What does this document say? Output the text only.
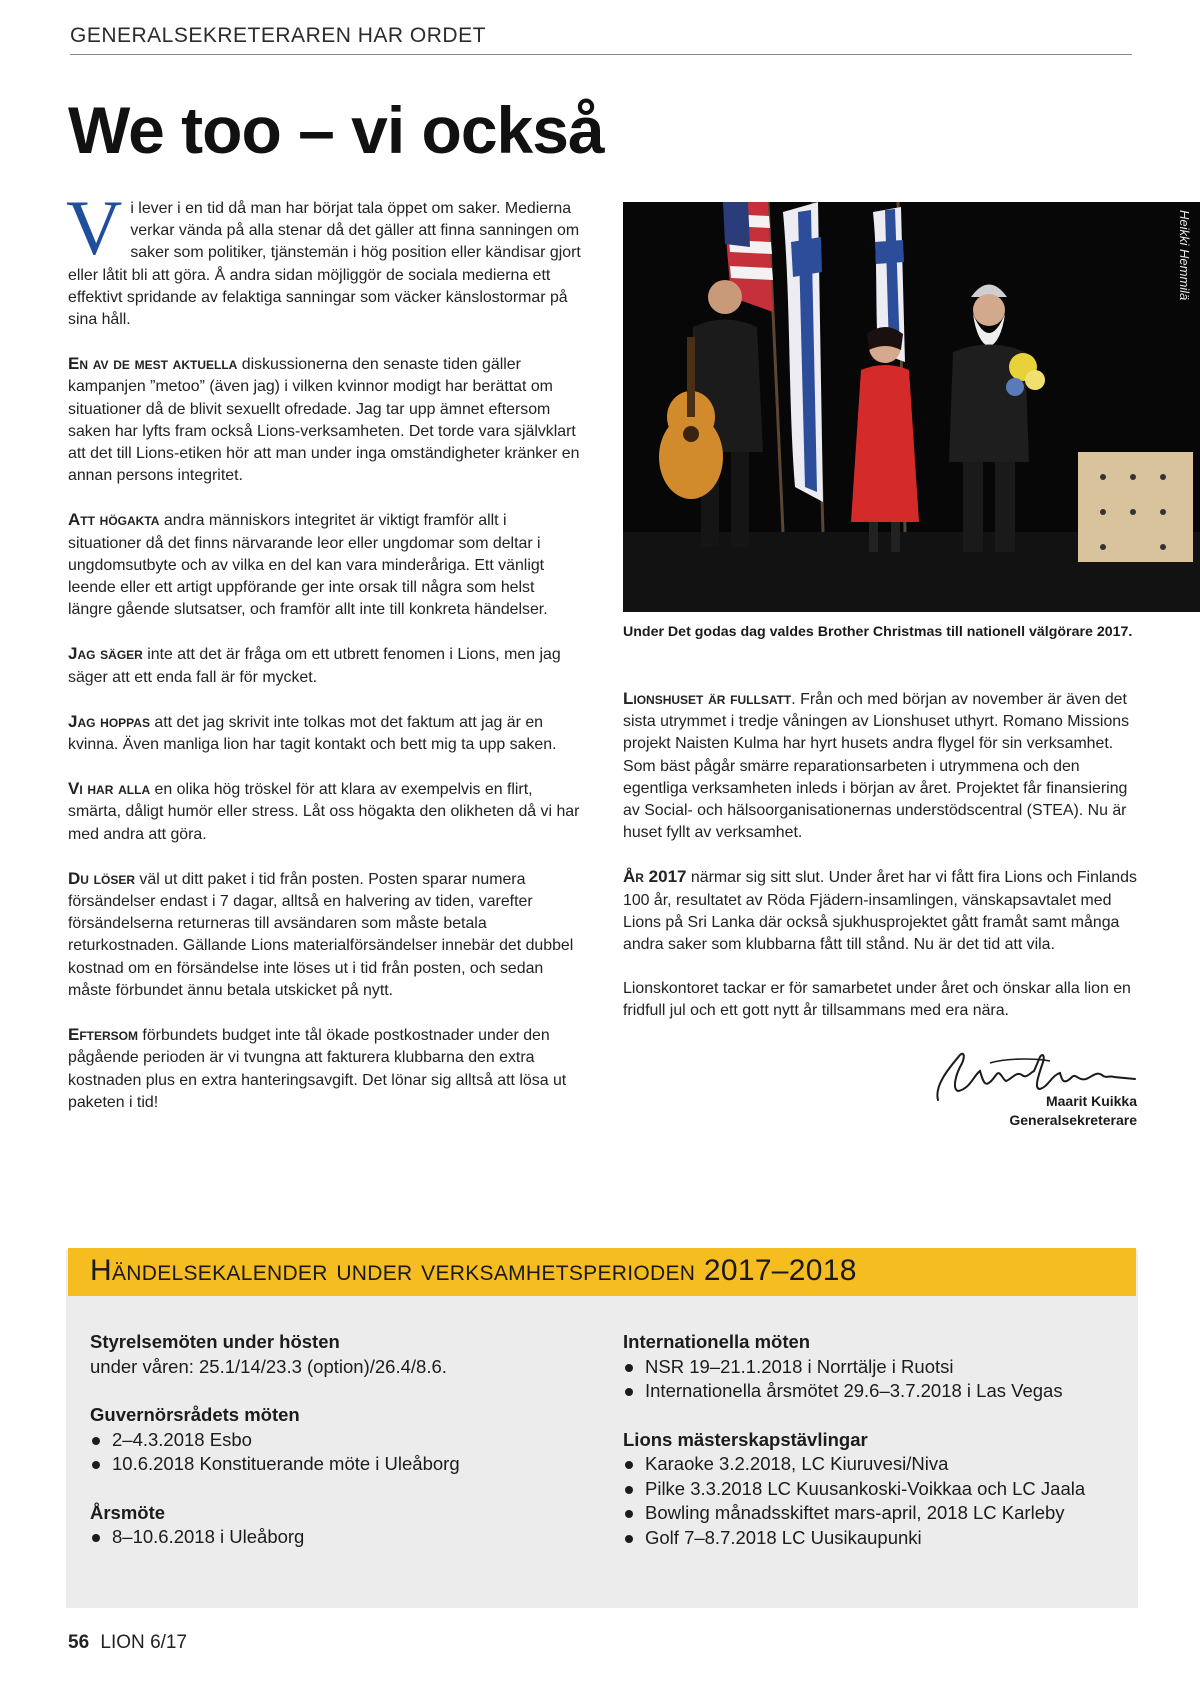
GENERALSEKRETERAREN HAR ORDET
We too – vi också

Vi lever i en tid då man har börjat tala öppet om saker. Medierna verkar vända på alla stenar då det gäller att finna sanningen om saker som politiker, tjänstemän i hög position eller kändisar gjort eller låtit bli att göra. Å andra sidan möjliggör de sociala medierna ett effektivt spridande av felaktiga sanningar som väcker känslostormar på sina håll.

En av de mest aktuella diskussionerna den senaste tiden gäller kampanjen ”metoo” (även jag) i vilken kvinnor modigt har berättat om situationer då de blivit sexuellt ofredade. Jag tar upp ämnet eftersom saken har lyfts fram också Lions-verksamheten. Det torde vara självklart att det till Lions-etiken hör att man under inga omständigheter kränker en annan persons integritet.

Att högakta andra människors integritet är viktigt framför allt i situationer då det finns närvarande leor eller ungdomar som deltar i ungdomsutbyte och av vilka en del kan vara minderåriga. Ett vänligt leende eller ett artigt uppförande ger inte orsak till några som helst längre gående slutsatser, och framför allt inte till konkreta händelser.

Jag säger inte att det är fråga om ett utbrett fenomen i Lions, men jag säger att ett enda fall är för mycket.

Jag hoppas att det jag skrivit inte tolkas mot det faktum att jag är en kvinna. Även manliga lion har tagit kontakt och bett mig ta upp saken.

Vi har alla en olika hög tröskel för att klara av exempelvis en flirt, smärta, dåligt humör eller stress. Låt oss högakta den olikheten då vi har med andra att göra.

Du löser väl ut ditt paket i tid från posten. Posten sparar numera försändelser endast i 7 dagar, alltså en halvering av tiden, varefter försändelserna returneras till avsändaren som måste betala returkostnaden. Gällande Lions materialförsändelser innebär det dubbel kostnad om en försändelse inte löses ut i tid från posten, och sedan måste förbundet ännu betala utskicket på nytt.

Eftersom förbundets budget inte tål ökade postkostnader under den pågående perioden är vi tvungna att fakturera klubbarna den extra kostnaden plus en extra hanteringsavgift. Det lönar sig alltså att lösa ut paketen i tid!

Heikki Hemmilä
Under Det godas dag valdes Brother Christmas till nationell välgörare 2017.

Lionshuset är fullsatt. Från och med början av november är även det sista utrymmet i tredje våningen av Lionshuset uthyrt. Romano Missions projekt Naisten Kulma har hyrt husets andra flygel för sin verksamhet. Som bäst pågår smärre reparationsarbeten i utrymmena och den egentliga verksamheten inleds i början av året. Projektet får finansiering av Social- och hälsoorganisationernas understödscentral (STEA). Nu är huset fyllt av verksamhet.

År 2017 närmar sig sitt slut. Under året har vi fått fira Lions och Finlands 100 år, resultatet av Röda Fjädern-insamlingen, vänskapsavtalet med Lions på Sri Lanka där också sjukhusprojektet gått framåt samt många andra saker som klubbarna fått till stånd. Nu är det tid att vila.

Lionskontoret tackar er för samarbetet under året och önskar alla lion en fridfull jul och ett gott nytt år tillsammans med era nära.

Maarit Kuikka
Generalsekreterare
Händelsekalender under verksamhetsperioden 2017–2018
Styrelsemöten under hösten
under våren: 25.1/14/23.3 (option)/26.4/8.6.
Guvernörsrådets möten
2–4.3.2018 Esbo
10.6.2018 Konstituerande möte i Uleåborg
Årsmöte
8–10.6.2018 i Uleåborg
Internationella möten
NSR 19–21.1.2018 i Norrtälje i Ruotsi
Internationella årsmötet 29.6–3.7.2018 i Las Vegas
Lions mästerskapstävlingar
Karaoke 3.2.2018, LC Kiuruvesi/Niva
Pilke 3.3.2018 LC Kuusankoski-Voikkaa och LC Jaala
Bowling månadsskiftet mars-april, 2018 LC Karleby
Golf 7–8.7.2018 LC Uusikaupunki
56 LION 6/17
